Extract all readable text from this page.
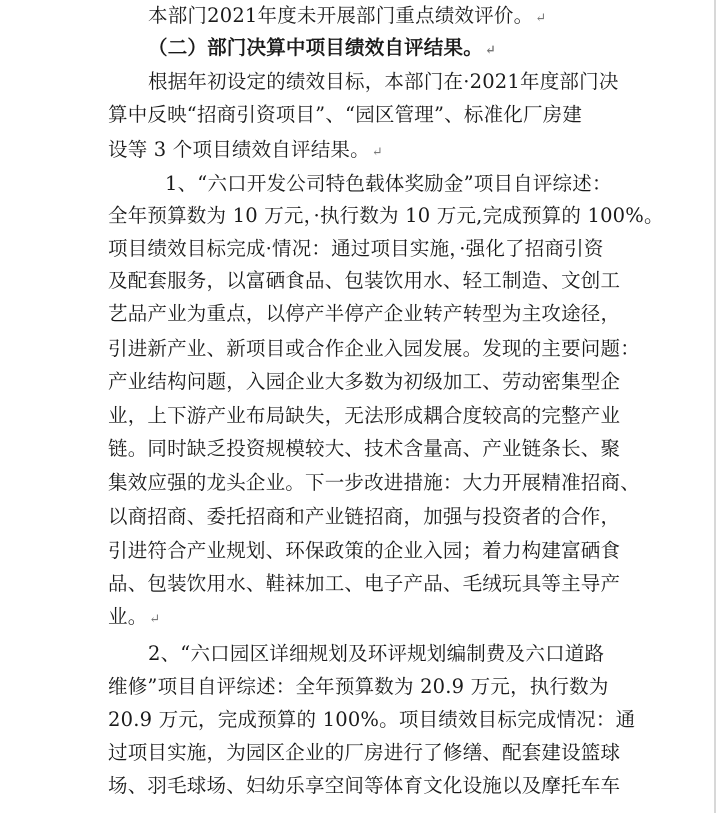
本部门2021年度未开展部门重点绩效评价。 ↵
（二）部门决算中项目绩效自评结果。 ↵
根据年初设定的绩效目标，本部门在·2021年度部门决
算中反映“招商引资项目”、“园区管理”、标准化厂房建
设等 3 个项目绩效自评结果。 ↵
1、“六口开发公司特色载体奖励金”项目自评综述：
全年预算数为 10 万元，·执行数为 10 万元,完成预算的 100%。
项目绩效目标完成·情况：通过项目实施，·强化了招商引资
及配套服务，以富硒食品、包装饮用水、轻工制造、文创工
艺品产业为重点，以停产半停产企业转产转型为主攻途径，
引进新产业、新项目或合作企业入园发展。发现的主要问题：
产业结构问题，入园企业大多数为初级加工、劳动密集型企
业，上下游产业布局缺失，无法形成耦合度较高的完整产业
链。同时缺乏投资规模较大、技术含量高、产业链条长、聚
集效应强的龙头企业。下一步改进措施：大力开展精准招商、
以商招商、委托招商和产业链招商，加强与投资者的合作，
引进符合产业规划、环保政策的企业入园；着力构建富硒食
品、包装饮用水、鞋袜加工、电子产品、毛绒玩具等主导产
业。 ↵
2、“六口园区详细规划及环评规划编制费及六口道路
维修”项目自评综述：全年预算数为 20.9 万元，执行数为
20.9 万元，完成预算的 100%。项目绩效目标完成情况：通
过项目实施，为园区企业的厂房进行了修缮、配套建设篮球
场、羽毛球场、妇幼乐享空间等体育文化设施以及摩托车车
